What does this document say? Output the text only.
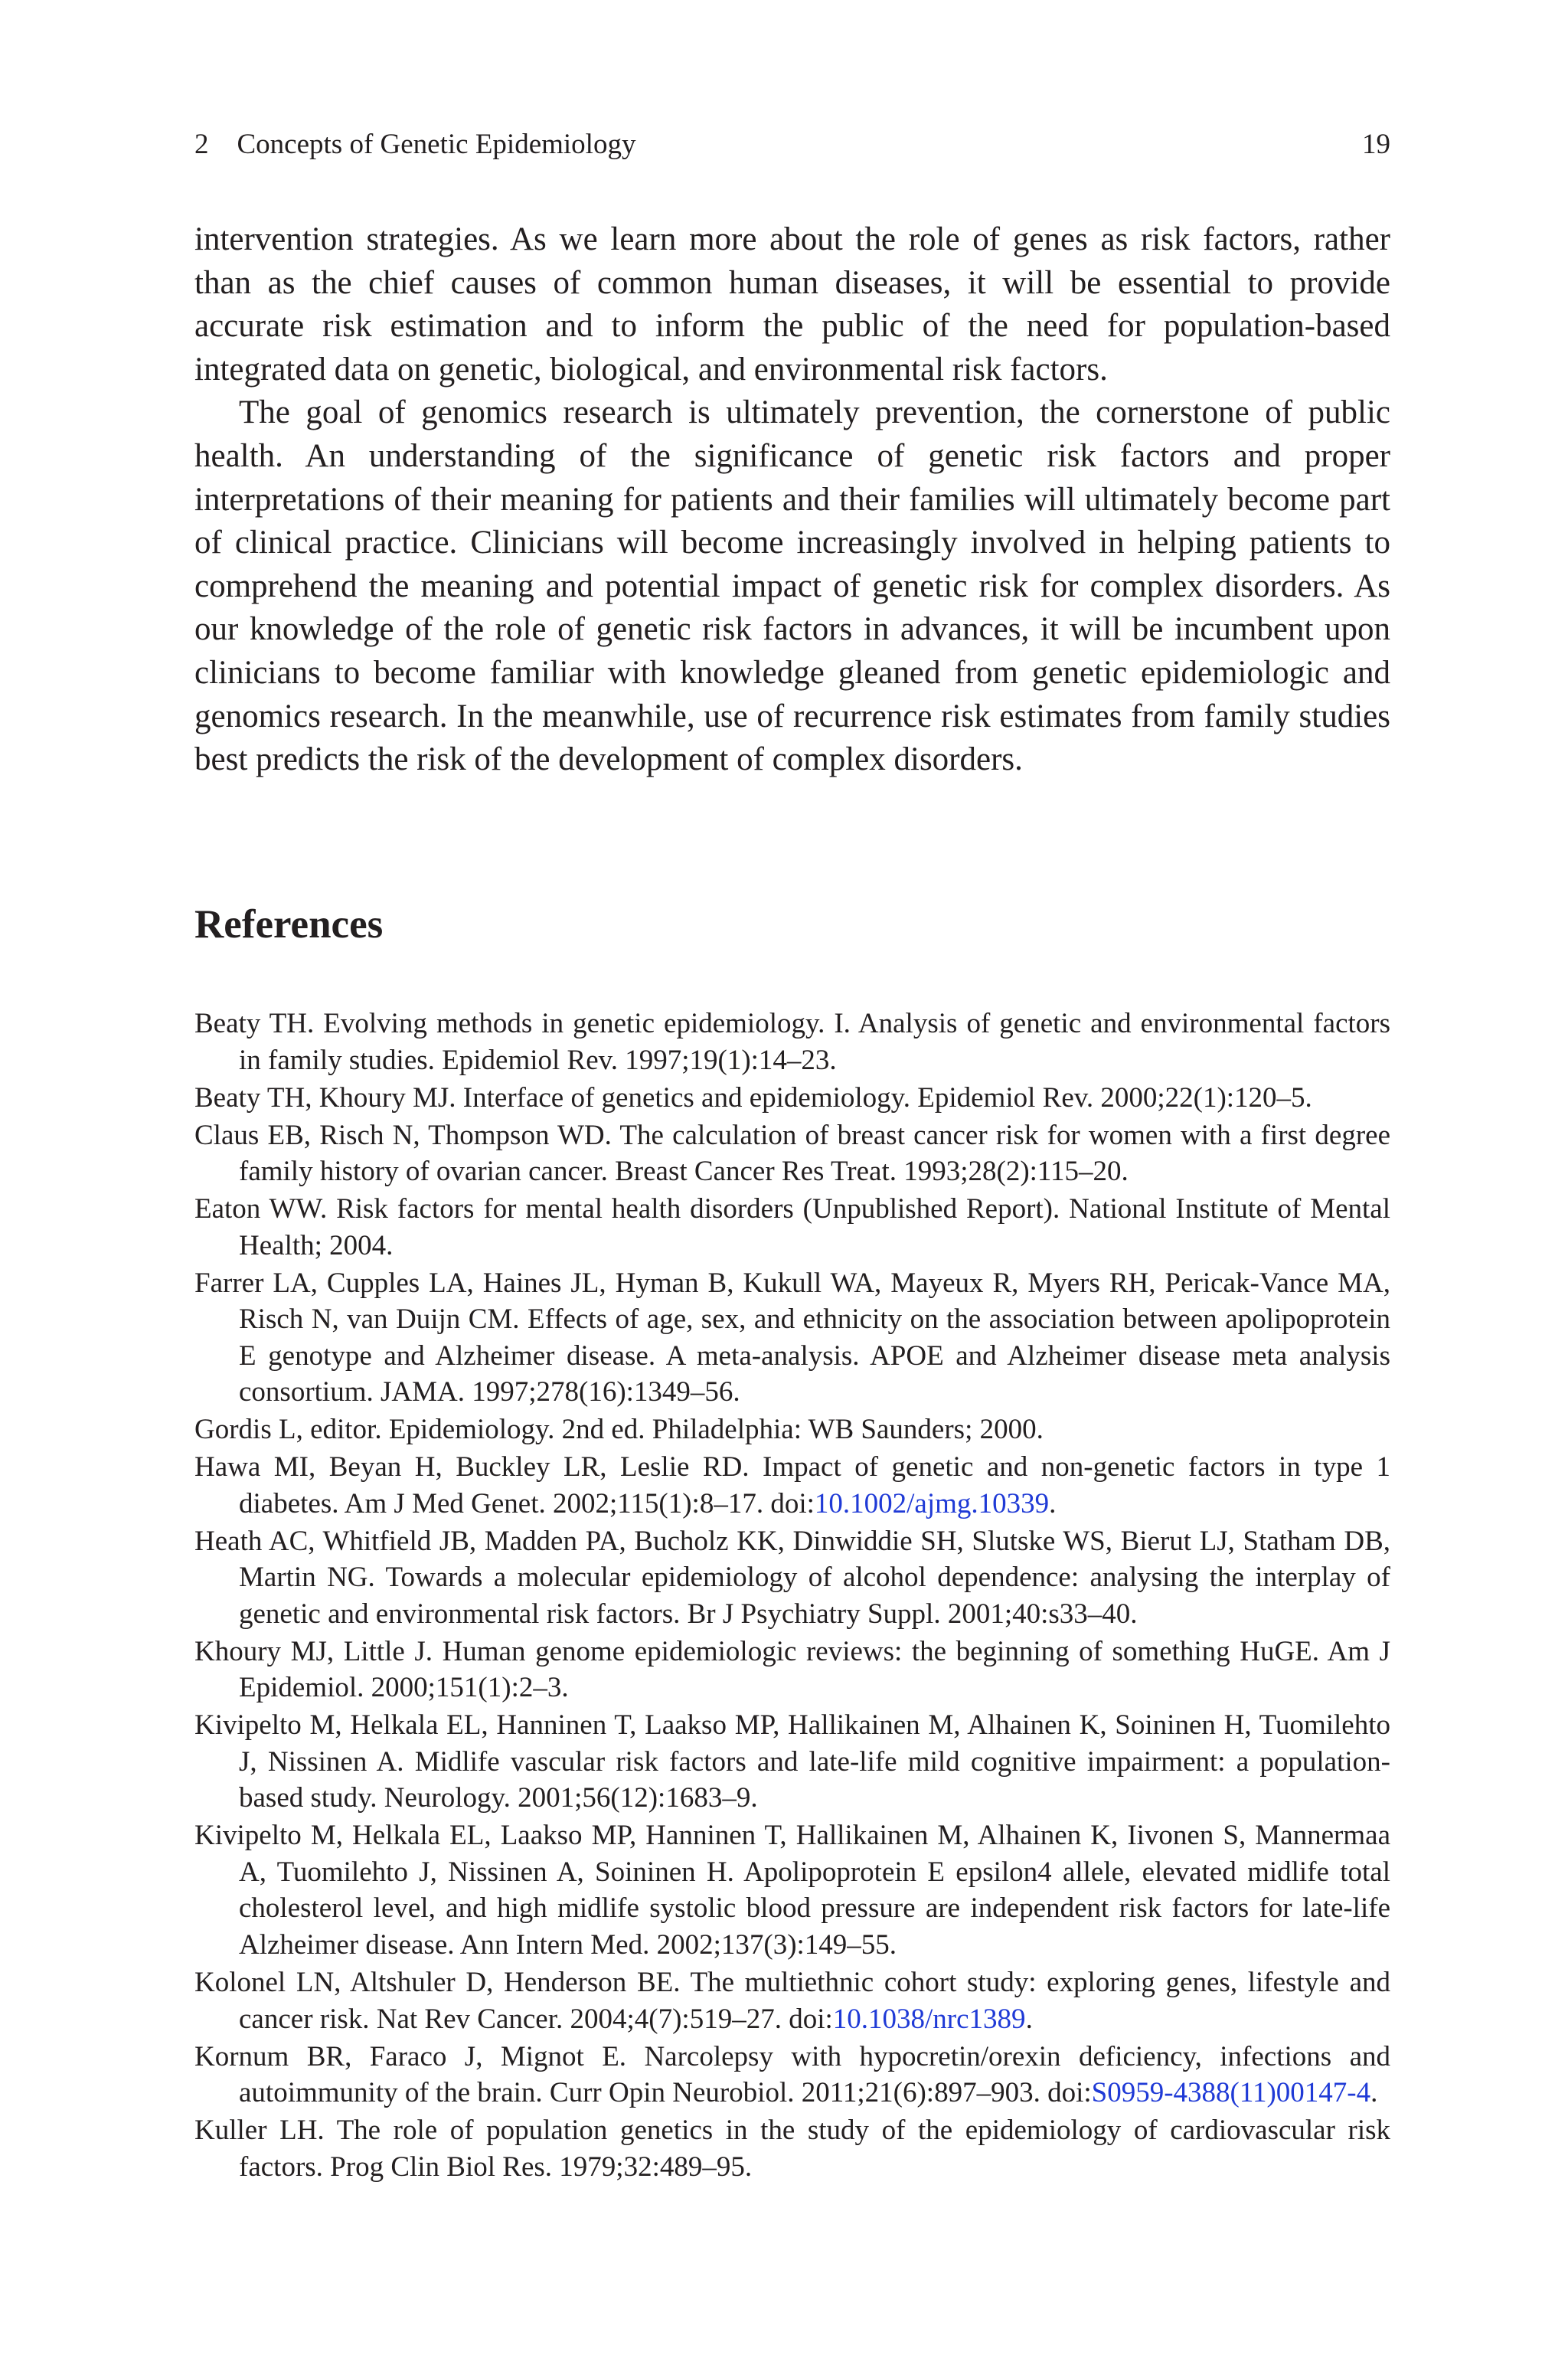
2 Concepts of Genetic Epidemiology	19

intervention strategies. As we learn more about the role of genes as risk factors, rather than as the chief causes of common human diseases, it will be essential to provide accurate risk estimation and to inform the public of the need for population-based integrated data on genetic, biological, and environmental risk factors.

The goal of genomics research is ultimately prevention, the cornerstone of public health. An understanding of the significance of genetic risk factors and proper interpretations of their meaning for patients and their families will ultimately become part of clinical practice. Clinicians will become increasingly involved in helping patients to comprehend the meaning and potential impact of genetic risk for complex disorders. As our knowledge of the role of genetic risk factors in advances, it will be incumbent upon clinicians to become familiar with knowledge gleaned from genetic epidemiologic and genomics research. In the meanwhile, use of recurrence risk estimates from family studies best predicts the risk of the development of complex disorders.

References
Beaty TH. Evolving methods in genetic epidemiology. I. Analysis of genetic and environmental factors in family studies. Epidemiol Rev. 1997;19(1):14–23.
Beaty TH, Khoury MJ. Interface of genetics and epidemiology. Epidemiol Rev. 2000;22(1):120–5.
Claus EB, Risch N, Thompson WD. The calculation of breast cancer risk for women with a first degree family history of ovarian cancer. Breast Cancer Res Treat. 1993;28(2):115–20.
Eaton WW. Risk factors for mental health disorders (Unpublished Report). National Institute of Mental Health; 2004.
Farrer LA, Cupples LA, Haines JL, Hyman B, Kukull WA, Mayeux R, Myers RH, Pericak-Vance MA, Risch N, van Duijn CM. Effects of age, sex, and ethnicity on the association between apolipoprotein E genotype and Alzheimer disease. A meta-analysis. APOE and Alzheimer disease meta analysis consortium. JAMA. 1997;278(16):1349–56.
Gordis L, editor. Epidemiology. 2nd ed. Philadelphia: WB Saunders; 2000.
Hawa MI, Beyan H, Buckley LR, Leslie RD. Impact of genetic and non-genetic factors in type 1 diabetes. Am J Med Genet. 2002;115(1):8–17. doi:10.1002/ajmg.10339.
Heath AC, Whitfield JB, Madden PA, Bucholz KK, Dinwiddie SH, Slutske WS, Bierut LJ, Statham DB, Martin NG. Towards a molecular epidemiology of alcohol dependence: analysing the interplay of genetic and environmental risk factors. Br J Psychiatry Suppl. 2001;40:s33–40.
Khoury MJ, Little J. Human genome epidemiologic reviews: the beginning of something HuGE. Am J Epidemiol. 2000;151(1):2–3.
Kivipelto M, Helkala EL, Hanninen T, Laakso MP, Hallikainen M, Alhainen K, Soininen H, Tuomilehto J, Nissinen A. Midlife vascular risk factors and late-life mild cognitive impairment: a population-based study. Neurology. 2001;56(12):1683–9.
Kivipelto M, Helkala EL, Laakso MP, Hanninen T, Hallikainen M, Alhainen K, Iivonen S, Mannermaa A, Tuomilehto J, Nissinen A, Soininen H. Apolipoprotein E epsilon4 allele, elevated midlife total cholesterol level, and high midlife systolic blood pressure are independent risk factors for late-life Alzheimer disease. Ann Intern Med. 2002;137(3):149–55.
Kolonel LN, Altshuler D, Henderson BE. The multiethnic cohort study: exploring genes, lifestyle and cancer risk. Nat Rev Cancer. 2004;4(7):519–27. doi:10.1038/nrc1389.
Kornum BR, Faraco J, Mignot E. Narcolepsy with hypocretin/orexin deficiency, infections and autoimmunity of the brain. Curr Opin Neurobiol. 2011;21(6):897–903. doi:S0959-4388(11)00147-4.
Kuller LH. The role of population genetics in the study of the epidemiology of cardiovascular risk factors. Prog Clin Biol Res. 1979;32:489–95.
